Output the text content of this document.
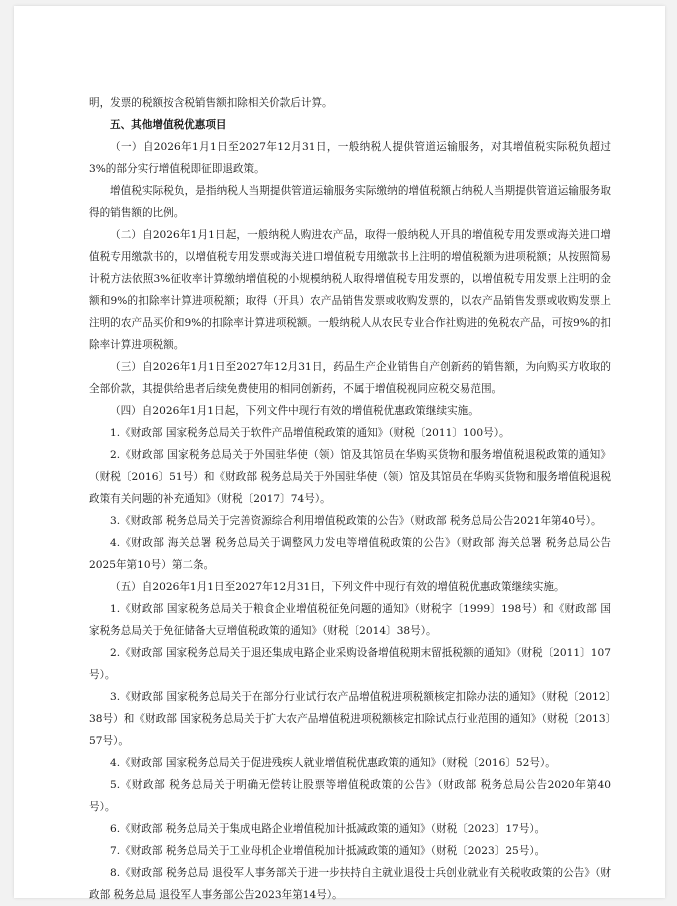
明，发票的税额按含税销售额扣除相关价款后计算。

五、其他增值税优惠项目

（一）自2026年1月1日至2027年12月31日，一般纳税人提供管道运输服务，对其增值税实际税负超过3%的部分实行增值税即征即退政策。

增值税实际税负，是指纳税人当期提供管道运输服务实际缴纳的增值税额占纳税人当期提供管道运输服务取得的销售额的比例。

（二）自2026年1月1日起，一般纳税人购进农产品，取得一般纳税人开具的增值税专用发票或海关进口增值税专用缴款书的，以增值税专用发票或海关进口增值税专用缴款书上注明的增值税额为进项税额；从按照简易计税方法依照3%征收率计算缴纳增值税的小规模纳税人取得增值税专用发票的，以增值税专用发票上注明的金额和9%的扣除率计算进项税额；取得（开具）农产品销售发票或收购发票的，以农产品销售发票或收购发票上注明的农产品买价和9%的扣除率计算进项税额。一般纳税人从农民专业合作社购进的免税农产品，可按9%的扣除率计算进项税额。

（三）自2026年1月1日至2027年12月31日，药品生产企业销售自产创新药的销售额，为向购买方收取的全部价款，其提供给患者后续免费使用的相同创新药，不属于增值税视同应税交易范围。

（四）自2026年1月1日起，下列文件中现行有效的增值税优惠政策继续实施。

1.《财政部 国家税务总局关于软件产品增值税政策的通知》（财税〔2011〕100号）。

2.《财政部 国家税务总局关于外国驻华使（领）馆及其馆员在华购买货物和服务增值税退税政策的通知》（财税〔2016〕51号）和《财政部 税务总局关于外国驻华使（领）馆及其馆员在华购买货物和服务增值税退税政策有关问题的补充通知》（财税〔2017〕74号）。

3.《财政部 税务总局关于完善资源综合利用增值税政策的公告》（财政部 税务总局公告2021年第40号）。

4.《财政部 海关总署 税务总局关于调整风力发电等增值税政策的公告》（财政部 海关总署 税务总局公告2025年第10号）第二条。

（五）自2026年1月1日至2027年12月31日，下列文件中现行有效的增值税优惠政策继续实施。

1.《财政部 国家税务总局关于粮食企业增值税征免问题的通知》（财税字〔1999〕198号）和《财政部 国家税务总局关于免征储备大豆增值税政策的通知》（财税〔2014〕38号）。

2.《财政部 国家税务总局关于退还集成电路企业采购设备增值税期末留抵税额的通知》（财税〔2011〕107号）。

3.《财政部 国家税务总局关于在部分行业试行农产品增值税进项税额核定扣除办法的通知》（财税〔2012〕38号）和《财政部 国家税务总局关于扩大农产品增值税进项税额核定扣除试点行业范围的通知》（财税〔2013〕57号）。

4.《财政部 国家税务总局关于促进残疾人就业增值税优惠政策的通知》（财税〔2016〕52号）。

5.《财政部 税务总局关于明确无偿转让股票等增值税政策的公告》（财政部 税务总局公告2020年第40号）。

6.《财政部 税务总局关于集成电路企业增值税加计抵减政策的通知》（财税〔2023〕17号）。

7.《财政部 税务总局关于工业母机企业增值税加计抵减政策的通知》（财税〔2023〕25号）。

8.《财政部 税务总局 退役军人事务部关于进一步扶持自主就业退役士兵创业就业有关税收政策的公告》（财政部 税务总局 退役军人事务部公告2023年第14号）。
